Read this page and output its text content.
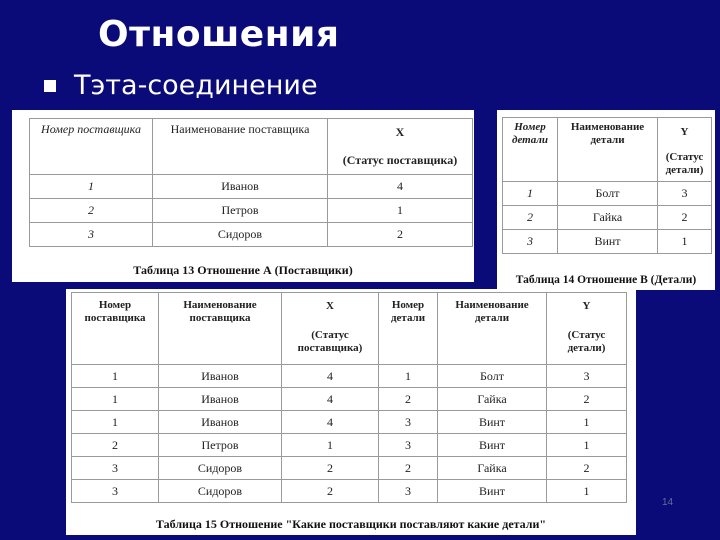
Отношения
Тэта-соединение
Номер поставщика	Наименование поставщика	X
		(Статус поставщика)
1	Иванов	4
2	Петров	1
3	Сидоров	2
Таблица 13 Отношение А (Поставщики)
Номер детали	Наименование детали	Y
		(Статус детали)
1	Болт	3
2	Гайка	2
3	Винт	1
Таблица 14 Отношение B (Детали)
Номер поставщика	Наименование поставщика	X	Номер детали	Наименование детали	Y
		(Статус поставщика)			(Статус детали)
1	Иванов	4	1	Болт	3
1	Иванов	4	2	Гайка	2
1	Иванов	4	3	Винт	1
2	Петров	1	3	Винт	1
3	Сидоров	2	2	Гайка	2
3	Сидоров	2	3	Винт	1
Таблица 15 Отношение "Какие поставщики поставляют какие детали"
14
